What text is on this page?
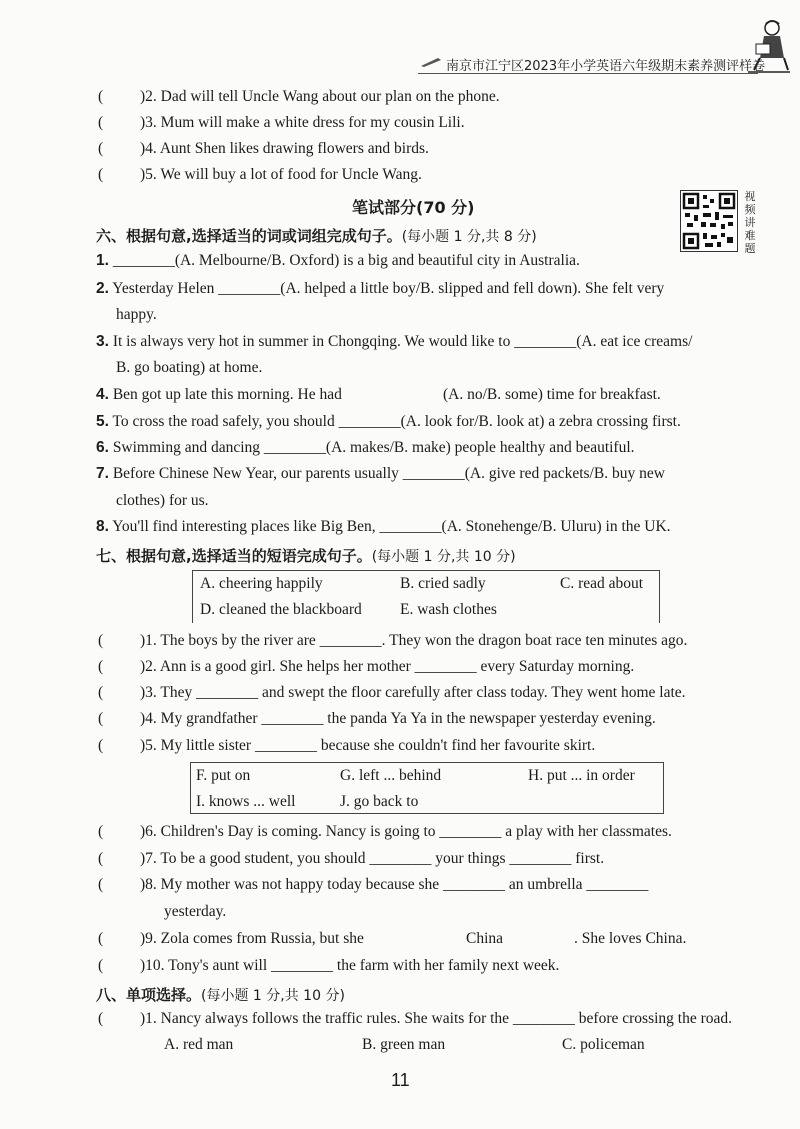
南京市江宁区2023年小学英语六年级期末素养测评样卷
( )2. Dad will tell Uncle Wang about our plan on the phone.
( )3. Mum will make a white dress for my cousin Lili.
( )4. Aunt Shen likes drawing flowers and birds.
( )5. We will buy a lot of food for Uncle Wang.
笔试部分(70 分)
视频讲难题
六、根据句意,选择适当的词或词组完成句子。(每小题 1 分,共 8 分)
1. ________(A. Melbourne/B. Oxford) is a big and beautiful city in Australia.
2. Yesterday Helen ________(A. helped a little boy/B. slipped and fell down). She felt very
happy.
3. It is always very hot in summer in Chongqing. We would like to ________(A. eat ice creams/
B. go boating) at home.
4. Ben got up late this morning. He had	(A. no/B. some) time for breakfast.
5. To cross the road safely, you should ________(A. look for/B. look at) a zebra crossing first.
6. Swimming and dancing ________(A. makes/B. make) people healthy and beautiful.
7. Before Chinese New Year, our parents usually ________(A. give red packets/B. buy new
clothes) for us.
8. You'll find interesting places like Big Ben, ________(A. Stonehenge/B. Uluru) in the UK.
七、根据句意,选择适当的短语完成句子。(每小题 1 分,共 10 分)
A. cheering happily	B. cried sadly	C. read about
D. cleaned the blackboard E. wash clothes
( )1. The boys by the river are ________. They won the dragon boat race ten minutes ago.
( )2. Ann is a good girl. She helps her mother ________ every Saturday morning.
( )3. They ________ and swept the floor carefully after class today. They went home late.
( )4. My grandfather ________ the panda Ya Ya in the newspaper yesterday evening.
( )5. My little sister ________ because she couldn't find her favourite skirt.
F. put on	G. left ... behind	H. put ... in order
I. knows ... well	J. go back to
( )6. Children's Day is coming. Nancy is going to ________ a play with her classmates.
( )7. To be a good student, you should ________ your things ________ first.
( )8. My mother was not happy today because she ________ an umbrella ________
yesterday.
( )9. Zola comes from Russia, but she	China	. She loves China.
( )10. Tony's aunt will ________ the farm with her family next week.
八、单项选择。(每小题 1 分,共 10 分)
( )1. Nancy always follows the traffic rules. She waits for the ________ before crossing the road.
A. red man	B. green man	C. policeman
11
